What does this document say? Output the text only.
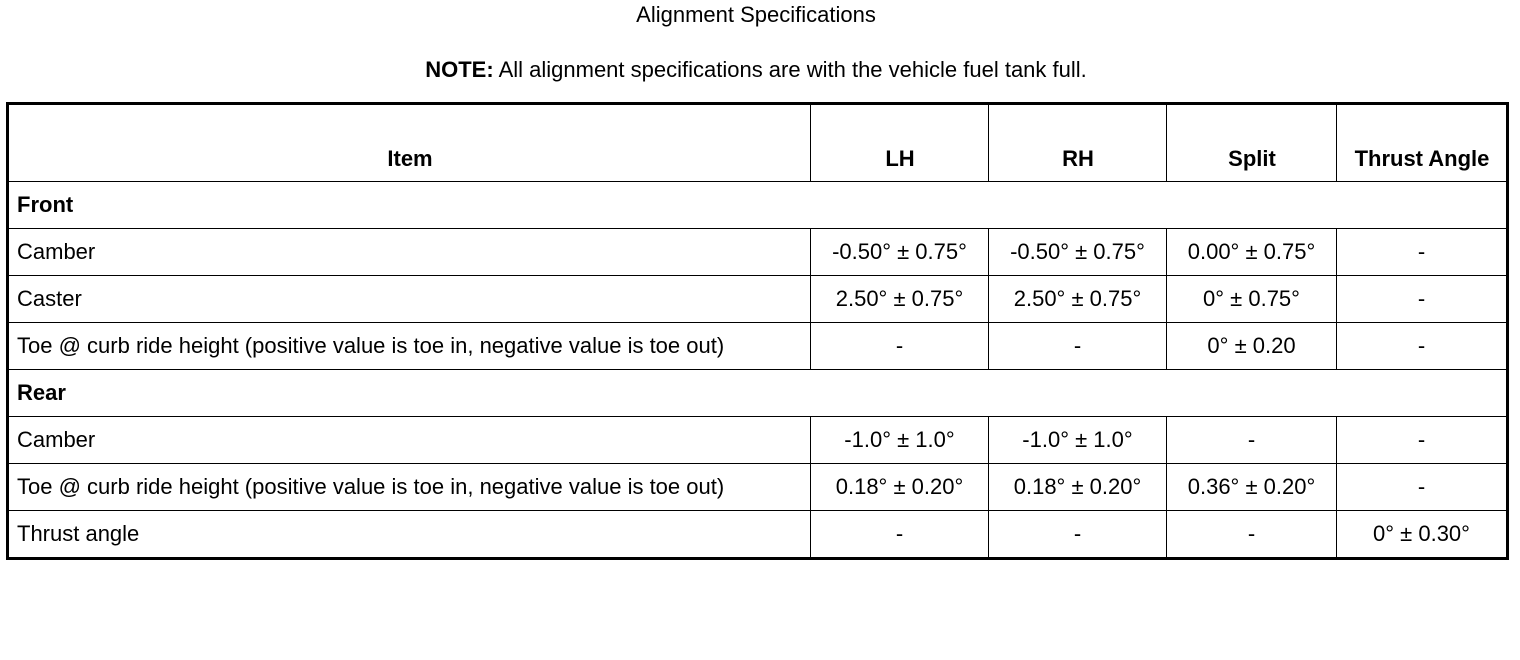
Alignment Specifications
NOTE: All alignment specifications are with the vehicle fuel tank full.
Item	LH	RH	Split	Thrust Angle
Front				
Camber	-0.50° ± 0.75°	-0.50° ± 0.75°	0.00° ± 0.75°	-
Caster	2.50° ± 0.75°	2.50° ± 0.75°	0° ± 0.75°	-
Toe @ curb ride height (positive value is toe in, negative value is toe out)	-	-	0° ± 0.20	-
Rear				
Camber	-1.0° ± 1.0°	-1.0° ± 1.0°	-	-
Toe @ curb ride height (positive value is toe in, negative value is toe out)	0.18° ± 0.20°	0.18° ± 0.20°	0.36° ± 0.20°	-
Thrust angle	-	-	-	0° ± 0.30°
